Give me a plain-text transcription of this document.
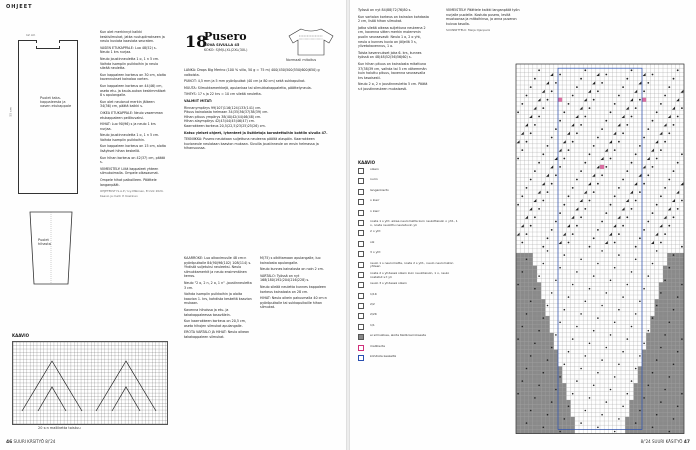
OHJEET
Puolet taka-kappaleesta ja vasen etukappale
12 cm
55 cm
Puolet hihasta

Kun olet merkinnyt kaikki keskisilmukat, jatka ruutupiirrokseen ja neulo kuviota kaaviota seuraten.

VASEN ETUKAPPALE: Luo 48(52) s. Neulo 1 krs nurjaa.

Neulo joustinneuletta 1 o, 1 n 5 cm. Vaihda isompiin puikkoihin ja neulo sileää neuletta.

Kun kappaleen korkeus on 30 cm, aloita kavennukset kainaloa varten.

Kun kappaleen korkeus on 44(46) cm, aseta etu- ja kaula-aukon keskimmäiset 8 s apulangalle.

Kun olet neulonut merkin jälkeen 34(36) cm, päätä kaikki s.

OIKEA ETUKAPPALE: Neulo vasemman etukappaleen peilikuvaksi.

HIHAT: Luo 90(96) s ja neulo 1 krs nurjaa.

Neulo joustinneuletta 1 o, 1 n 5 cm. Vaihda isompiin puikkoihin.

Kun kappaleen korkeus on 15 cm, aloita lisäykset hihan keskellä.

Kun hihan korkeus on 42(37) cm, päätä s.

VIIMEISTELY: Liitä kappaleet yhteen silmukoimalla. Ompele olkasaumat.

Ompele hihat paikoilleen. Päättele langanpäät.

OHJETEKSTI S.A.P / Ivy-Mäkinen, Eri-Vik 2024. Kaavio ja malli: P. Koskinen

KAAVIO
20 s:n malliketta toistuu
46 SUURI KÄSITYÖ 8/'24
18
Pusero
KOVA SIVULLA 45
KOKO: S(M)L(XL)2XL(3XL)
Normaali mitoitus

LANKA: Drops Big Merino (100 % villa, 50 g = 75 m) 400(450)500(550)600(650) g valkoista.

PUIKOT: 4,5 mm ja 5 mm pyöröpuikot (40 cm ja 80 cm) sekä sukkapuikot.

MUUTA: Silmukkamerkkejä, apulankaa tai silmukkakappaletta, päättelyneula.

TIHEYS: 17 s ja 22 krs = 10 cm sileää neuletta.

VALMIIT MITAT:

Rinnanympärys 99(107)116(124)133(141) cm.

Pituus kainalosta helmaan 34(35)36(37)38(39) cm.

Hihan pituus ympärys 38(40)42(44)46(48) cm.

Hihan alaympärys 42(43)44(45)46(47) cm.

Kaarrokkeen korkeus 20,5(22,5)23(25)25(26) cm.

Katso yleiset ohjeet, lyhenteet ja lisätietoja korostettuihin kohtiin sivulla 47.

TEKNIIKKA: Pusero neulotaan suljettuna neuleena päältä alaspäin. Kaarrokkeen kuvioneule neulotaan kaavion mukaan. Sivuilla joustinneule on ensin helmassa ja hihansuussa.

KAARROKE: Luo olkavimuslle 48 cm:n pyöröpuikolle 84(90)96(102) 108(114) s. Yhdistä suljetuksi neuleeksi. Neulo silmukkamerkit ja neulo ensimmäinen kerros.

Neulo "2 o, 2 n, 2 o, 1 n" -joustinneuletta 3 cm.

Vaihda isompiin puikkoihin ja aloita kaavion 1. krs, kohdista keskeltä kaavion mukaan.

Kavenna hihoissa ja etu- ja takakappaleessa tasavälein.

Kun kaarrokkeen korkeus on 20,5 cm, aseta hihojen silmukat apulangalle.

EROTA VARTALO JA HIHAT: Neulo oikean takakappaleen silmukat.

M(75) s olkittamaan apulangalle, luo kainalosta apulangalle.

Neulo kunnes kainalosta on noin 2 cm.

VARTALO: Työssä on nyt 168(180)192(204)216(228) s.

Neulo sileää neuletta kunnes kappaleen korkeus kainalosta on 28 cm.

HIHAT: Neulo oikein pakuumalla 40 cm:n pyöröpuikolle tai sukkapuikoille hihan silmukat.

Työssä on nyt 84(88)72(76)80 s.

Kun vartalon korkeus on kainalon kohdasta 2 cm, lisää hihan silmukat.

Jatka sileää oikeaa suljettuna neuleena 2 cm, kavenna sitten merkin molemmin puolin seuraavasti: Neulo 1 o, 2 o yht, neulo o kunnes kuvio on jäljellä 3 s, ylivetokavennus, 1 o.

Toista kavennukset joka 6. krs, kunnes työssä on 48(48)52(56)56(60) s.

Kun hihan pituus on kainalosta mitattuna 37(38)39 cm, vaihda tai 5 cm vähemmän kuin haluttu pituus, kavenna seuraavalla krs tasaisesti.

Neulo 2 o, 2 n joustinneuletta 5 cm. Päätä s:t joustinneuleen mukaisesti.

VIIMEISTELY: Päättele kaikki langanpäät työn nurjalle puolelle. Kostuta pusero, levitä muotoonsa ja mittoihinsa, ja anna puseron kuivua tasolla.

SUUNNITTELU: Meija Ojanperä

KAAVIO
oikein
nurin
langankierto
o kierr
n kierr
nosta 1 s yht. aikaa neulomatta kuin neulottaisiin o yht., 1 o, nosta neulottu neuletuvin yli
2 o yht
oik
3 o yht
neulo 1 s neulomatta, nosta 2 s yht., neulo neulomaton yhteen
nosta 2 s yhdessä oikein kuin neulotaisiin, 1 o, neulo nostetut s:t yli
neulo 3 s yhdessä oikein
1/1K
2/2
2/2K
1/1
ei silmukkaa, aloita tästä kerroksesta
mallikerta
kohdista keskeltä
8/'24 SUURI KÄSITYÖ 47
